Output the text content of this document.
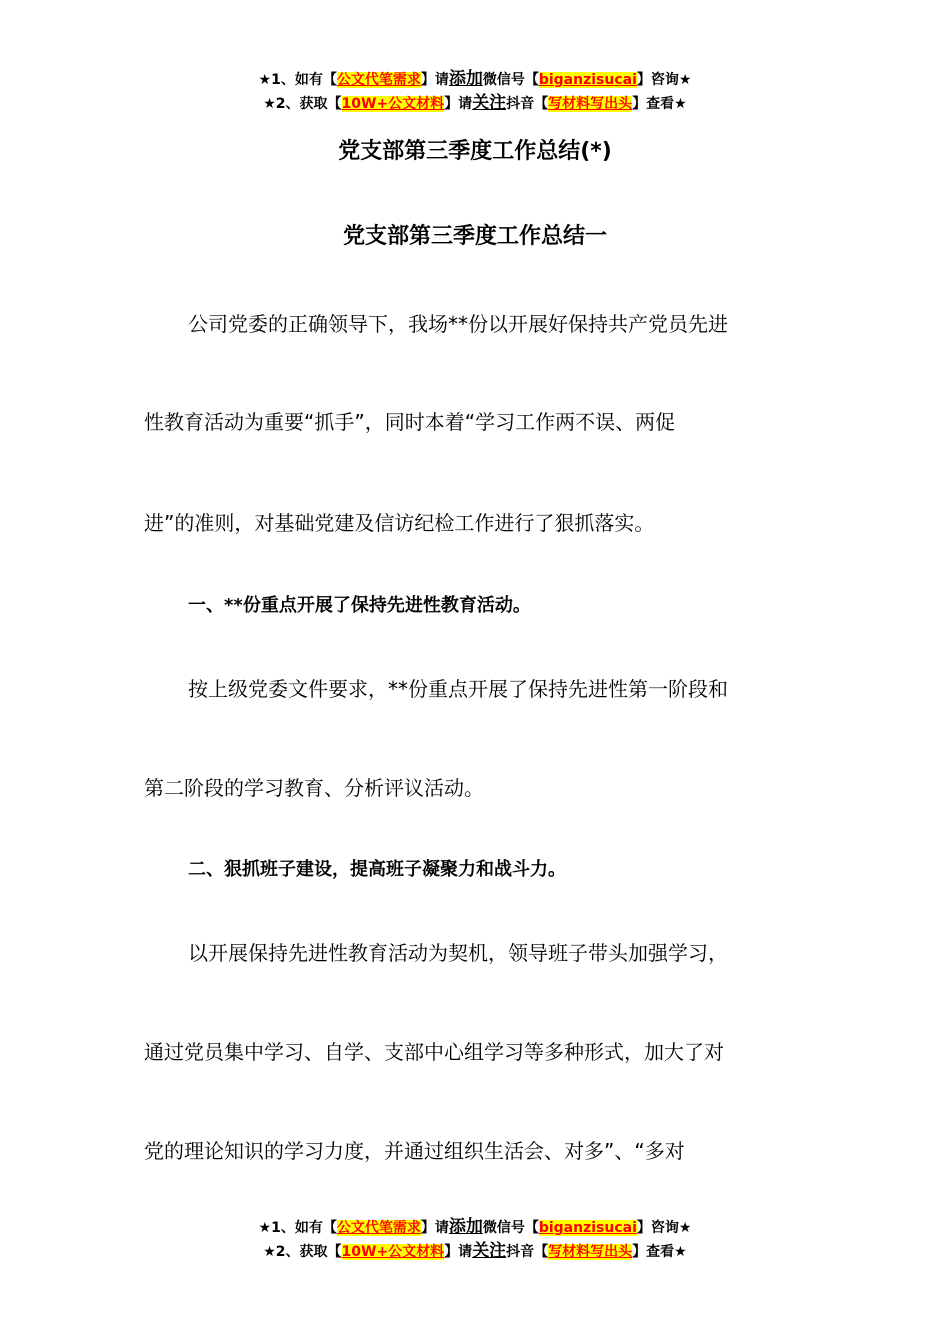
★1、如有【公文代笔需求】请添加微信号【biganzisucai】咨询★
★2、获取【10W+公文材料】请关注抖音【写材料写出头】查看★
党支部第三季度工作总结(*)
党支部第三季度工作总结一
公司党委的正确领导下，我场**份以开展好保持共产党员先进
性教育活动为重要“抓手”，同时本着“学习工作两不误、两促
进”的准则，对基础党建及信访纪检工作进行了狠抓落实。
一、**份重点开展了保持先进性教育活动。
按上级党委文件要求，**份重点开展了保持先进性第一阶段和
第二阶段的学习教育、分析评议活动。
二、狠抓班子建设，提高班子凝聚力和战斗力。
以开展保持先进性教育活动为契机，领导班子带头加强学习，
通过党员集中学习、自学、支部中心组学习等多种形式，加大了对
党的理论知识的学习力度，并通过组织生活会、对多”、“多对
★1、如有【公文代笔需求】请添加微信号【biganzisucai】咨询★
★2、获取【10W+公文材料】请关注抖音【写材料写出头】查看★
